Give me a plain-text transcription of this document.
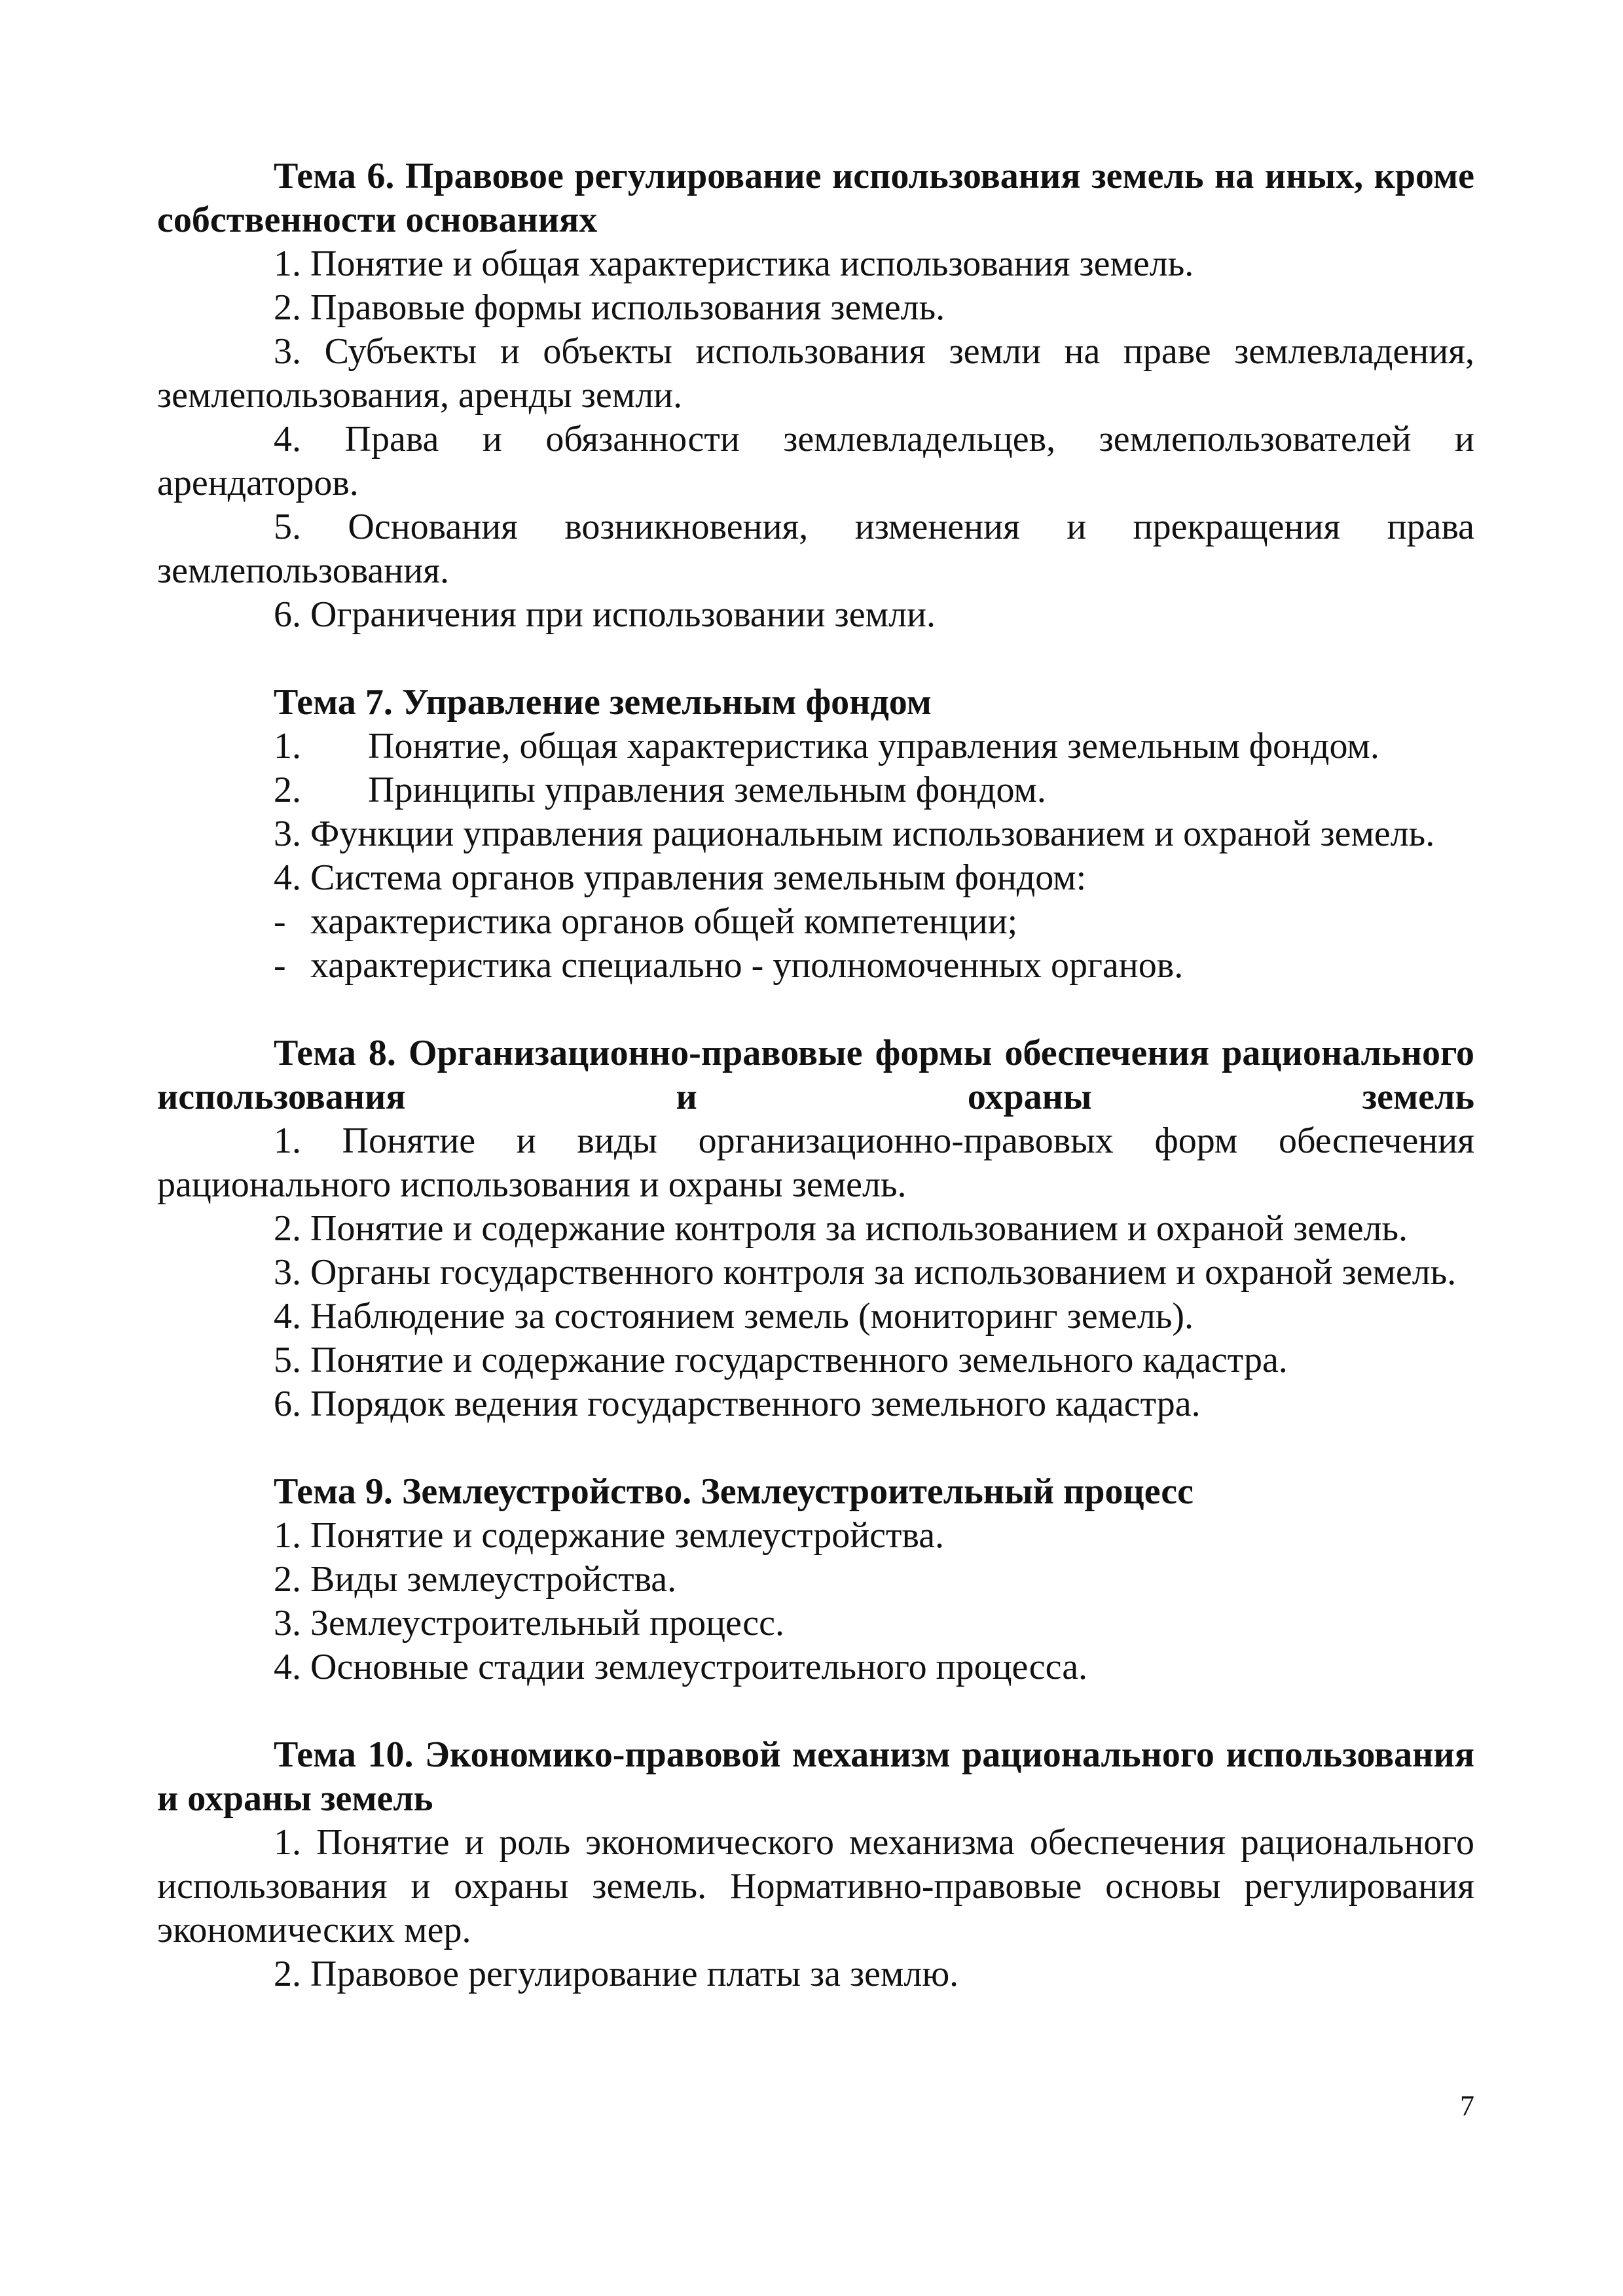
Тема 6. Правовое регулирование использования земель на иных, кроме собственности основаниях

1. Понятие и общая характеристика использования земель.

2. Правовые формы использования земель.

3. Субъекты и объекты использования земли на праве землевладения, землепользования, аренды земли.

4. Права и обязанности землевладельцев, землепользователей и арендаторов.

5. Основания возникновения, изменения и прекращения права землепользования.

6. Ограничения при использовании земли.

Тема 7. Управление земельным фондом

1. Понятие, общая характеристика управления земельным фондом.
2. Принципы управления земельным фондом.

3. Функции управления рациональным использованием и охраной земель.

4. Система органов управления земельным фондом:

- характеристика органов общей компетенции;

- характеристика специально - уполномоченных органов.

Тема 8. Организационно-правовые формы обеспечения рационального использования и охраны земель

1. Понятие и виды организационно-правовых форм обеспечения рационального использования и охраны земель.

2. Понятие и содержание контроля за использованием и охраной земель.

3. Органы государственного контроля за использованием и охраной земель.

4. Наблюдение за состоянием земель (мониторинг земель).

5. Понятие и содержание государственного земельного кадастра.

6. Порядок ведения государственного земельного кадастра.

Тема 9. Землеустройство. Землеустроительный процесс

1. Понятие и содержание землеустройства.

2. Виды землеустройства.

3. Землеустроительный процесс.

4. Основные стадии землеустроительного процесса.

Тема 10. Экономико-правовой механизм рационального использования и охраны земель

1. Понятие и роль экономического механизма обеспечения рационального использования и охраны земель. Нормативно-правовые основы регулирования экономических мер.

2. Правовое регулирование платы за землю.

7
